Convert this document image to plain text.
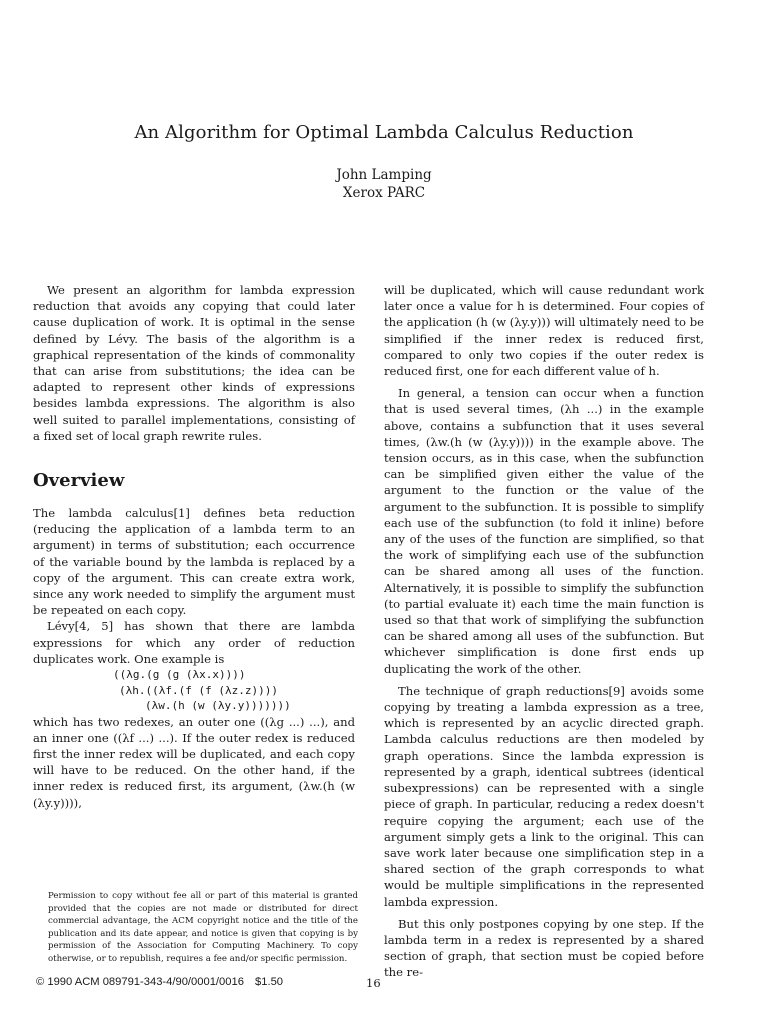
An Algorithm for Optimal Lambda Calculus Reduction
John Lamping
Xerox PARC

We present an algorithm for lambda expression reduction that avoids any copying that could later cause duplication of work. It is optimal in the sense defined by Lévy. The basis of the algorithm is a graphical representation of the kinds of commonality that can arise from substitutions; the idea can be adapted to represent other kinds of expressions besides lambda expressions. The algorithm is also well suited to parallel implementations, consisting of a fixed set of local graph rewrite rules.

Overview

The lambda calculus[1] defines beta reduction (reducing the application of a lambda term to an argument) in terms of substitution; each occurrence of the variable bound by the lambda is replaced by a copy of the argument. This can create extra work, since any work needed to simplify the argument must be repeated on each copy.

Lévy[4, 5] has shown that there are lambda expressions for which any order of reduction duplicates work. One example is

((λg.(g (g (λx.x))))
(λh.((λf.(f (f (λz.z))))
(λw.(h (w (λy.y)))))))

which has two redexes, an outer one ((λg ...) ...), and an inner one ((λf ...) ...). If the outer redex is reduced first the inner redex will be duplicated, and each copy will have to be reduced. On the other hand, if the inner redex is reduced first, its argument, (λw.(h (w (λy.y)))),

will be duplicated, which will cause redundant work later once a value for h is determined. Four copies of the application (h (w (λy.y))) will ultimately need to be simplified if the inner redex is reduced first, compared to only two copies if the outer redex is reduced first, one for each different value of h.

In general, a tension can occur when a function that is used several times, (λh ...) in the example above, contains a subfunction that it uses several times, (λw.(h (w (λy.y)))) in the example above. The tension occurs, as in this case, when the subfunction can be simplified given either the value of the argument to the function or the value of the argument to the subfunction. It is possible to simplify each use of the subfunction (to fold it inline) before any of the uses of the function are simplified, so that the work of simplifying each use of the subfunction can be shared among all uses of the function. Alternatively, it is possible to simplify the subfunction (to partial evaluate it) each time the main function is used so that that work of simplifying the subfunction can be shared among all uses of the subfunction. But whichever simplification is done first ends up duplicating the work of the other.

The technique of graph reductions[9] avoids some copying by treating a lambda expression as a tree, which is represented by an acyclic directed graph. Lambda calculus reductions are then modeled by graph operations. Since the lambda expression is represented by a graph, identical subtrees (identical subexpressions) can be represented with a single piece of graph. In particular, reducing a redex doesn't require copying the argument; each use of the argument simply gets a link to the original. This can save work later because one simplification step in a shared section of the graph corresponds to what would be multiple simplifications in the represented lambda expression.

But this only postpones copying by one step. If the lambda term in a redex is represented by a shared section of graph, that section must be copied before the re-

Permission to copy without fee all or part of this material is granted provided that the copies are not made or distributed for direct commercial advantage, the ACM copyright notice and the title of the publication and its date appear, and notice is given that copying is by permission of the Association for Computing Machinery. To copy otherwise, or to republish, requires a fee and/or specific permission.
© 1990 ACM 089791-343-4/90/0001/0016 $1.50	16
